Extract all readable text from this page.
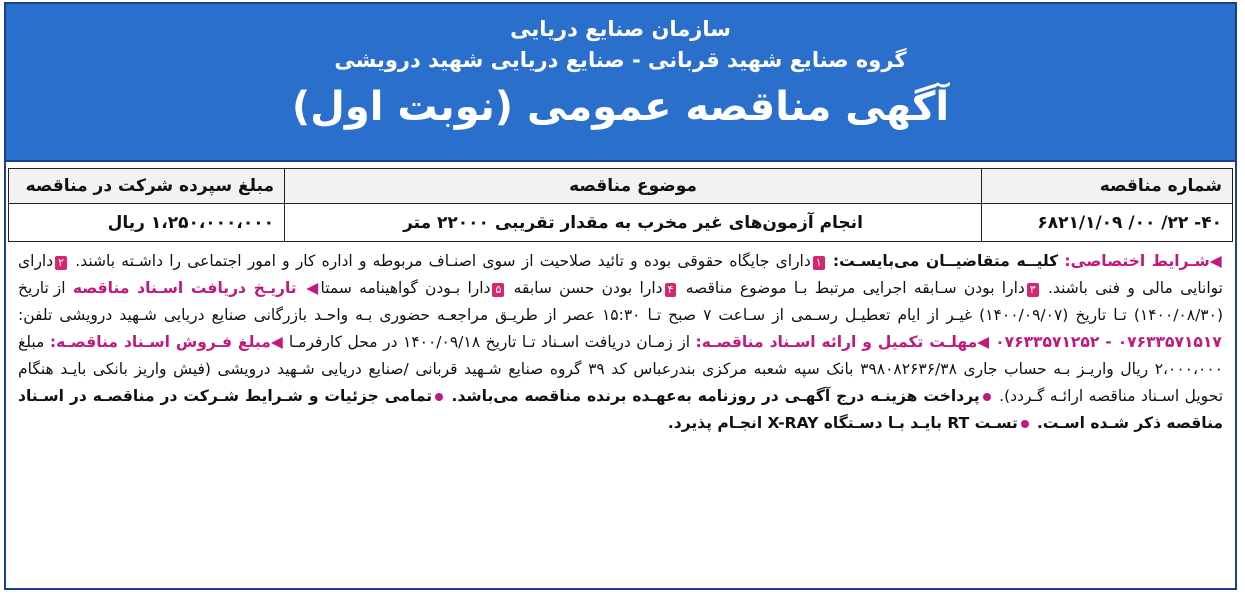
سازمان صنایع دریایی
گروه صنایع شهید قربانی - صنایع دریایی شهید درویشی
آگهی مناقصه عمومی (نوبت اول)
شماره مناقصه	موضوع مناقصه	مبلغ سپرده شرکت در مناقصه
۴۰- ۲۲/ ۰۰/ ۶۸۲۱/۱/۰۹	انجام آزمون‌های غیر مخرب به مقدار تقریبی ۲۲۰۰۰ متر	۱،۲۵۰،۰۰۰،۰۰۰ ریال
◀شـرایط اختصاصی: کلیــه متقاضیــان می‌بایسـت: ۱دارای جایگاه حقوقی بوده و تائید صلاحیت از سوی اصنـاف مربوطه و اداره کار و امور اجتماعی را داشـته باشند. ۲دارای توانایی مالی و فنی باشند. ۳دارا بودن سـابقه اجرایی مرتبط بـا موضوع مناقصه ۴دارا بودن حسن سابقه ۵دارا بـودن گواهینامه سمتا◀ تاریـخ دریافت اسـناد مناقصه از تاریخ (۱۴۰۰/۰۸/۳۰) تـا تاریخ (۱۴۰۰/۰۹/۰۷) غیـر از ایام تعطیـل رسـمی از سـاعت ۷ صبح تـا ۱۵:۳۰ عصر از طریـق مراجعـه حضوری بـه واحـد بازرگانی صنایع دریایی شـهید درویشی تلفن: ۰۷۶۳۳۵۷۱۵۱۷ - ۰۷۶۳۳۵۷۱۲۵۲ ◀مهلـت تکمیل و ارائه اسـناد مناقصـه: از زمـان دریافت اسـناد تـا تاریخ ۱۴۰۰/۰۹/۱۸ در محل کارفرمـا ◀مبلغ فـروش اسـناد مناقصـه: مبلغ ۲،۰۰۰،۰۰۰ ریال واریـز بـه حساب جاری ۳۹۸۰۸۲۶۳۶/۳۸ بانک سپه شعبه مرکزی بندرعباس کد ۳۹ گروه صنایع شـهید قربانی /صنایع دریایی شـهید درویشی (فیش واریز بانکی بایـد هنگام تحویل اسـناد مناقصه ارائـه گـردد). پرداخت هزینـه درج آگهـی در روزنامه به‌عهـده برنده مناقصه می‌باشد. تمامی جزئیات و شـرایط شـرکت در مناقصـه در اسـناد مناقصه ذکر شـده اسـت. تسـت RT بایـد بـا دسـتگاه X-RAY انجـام پذیرد.
